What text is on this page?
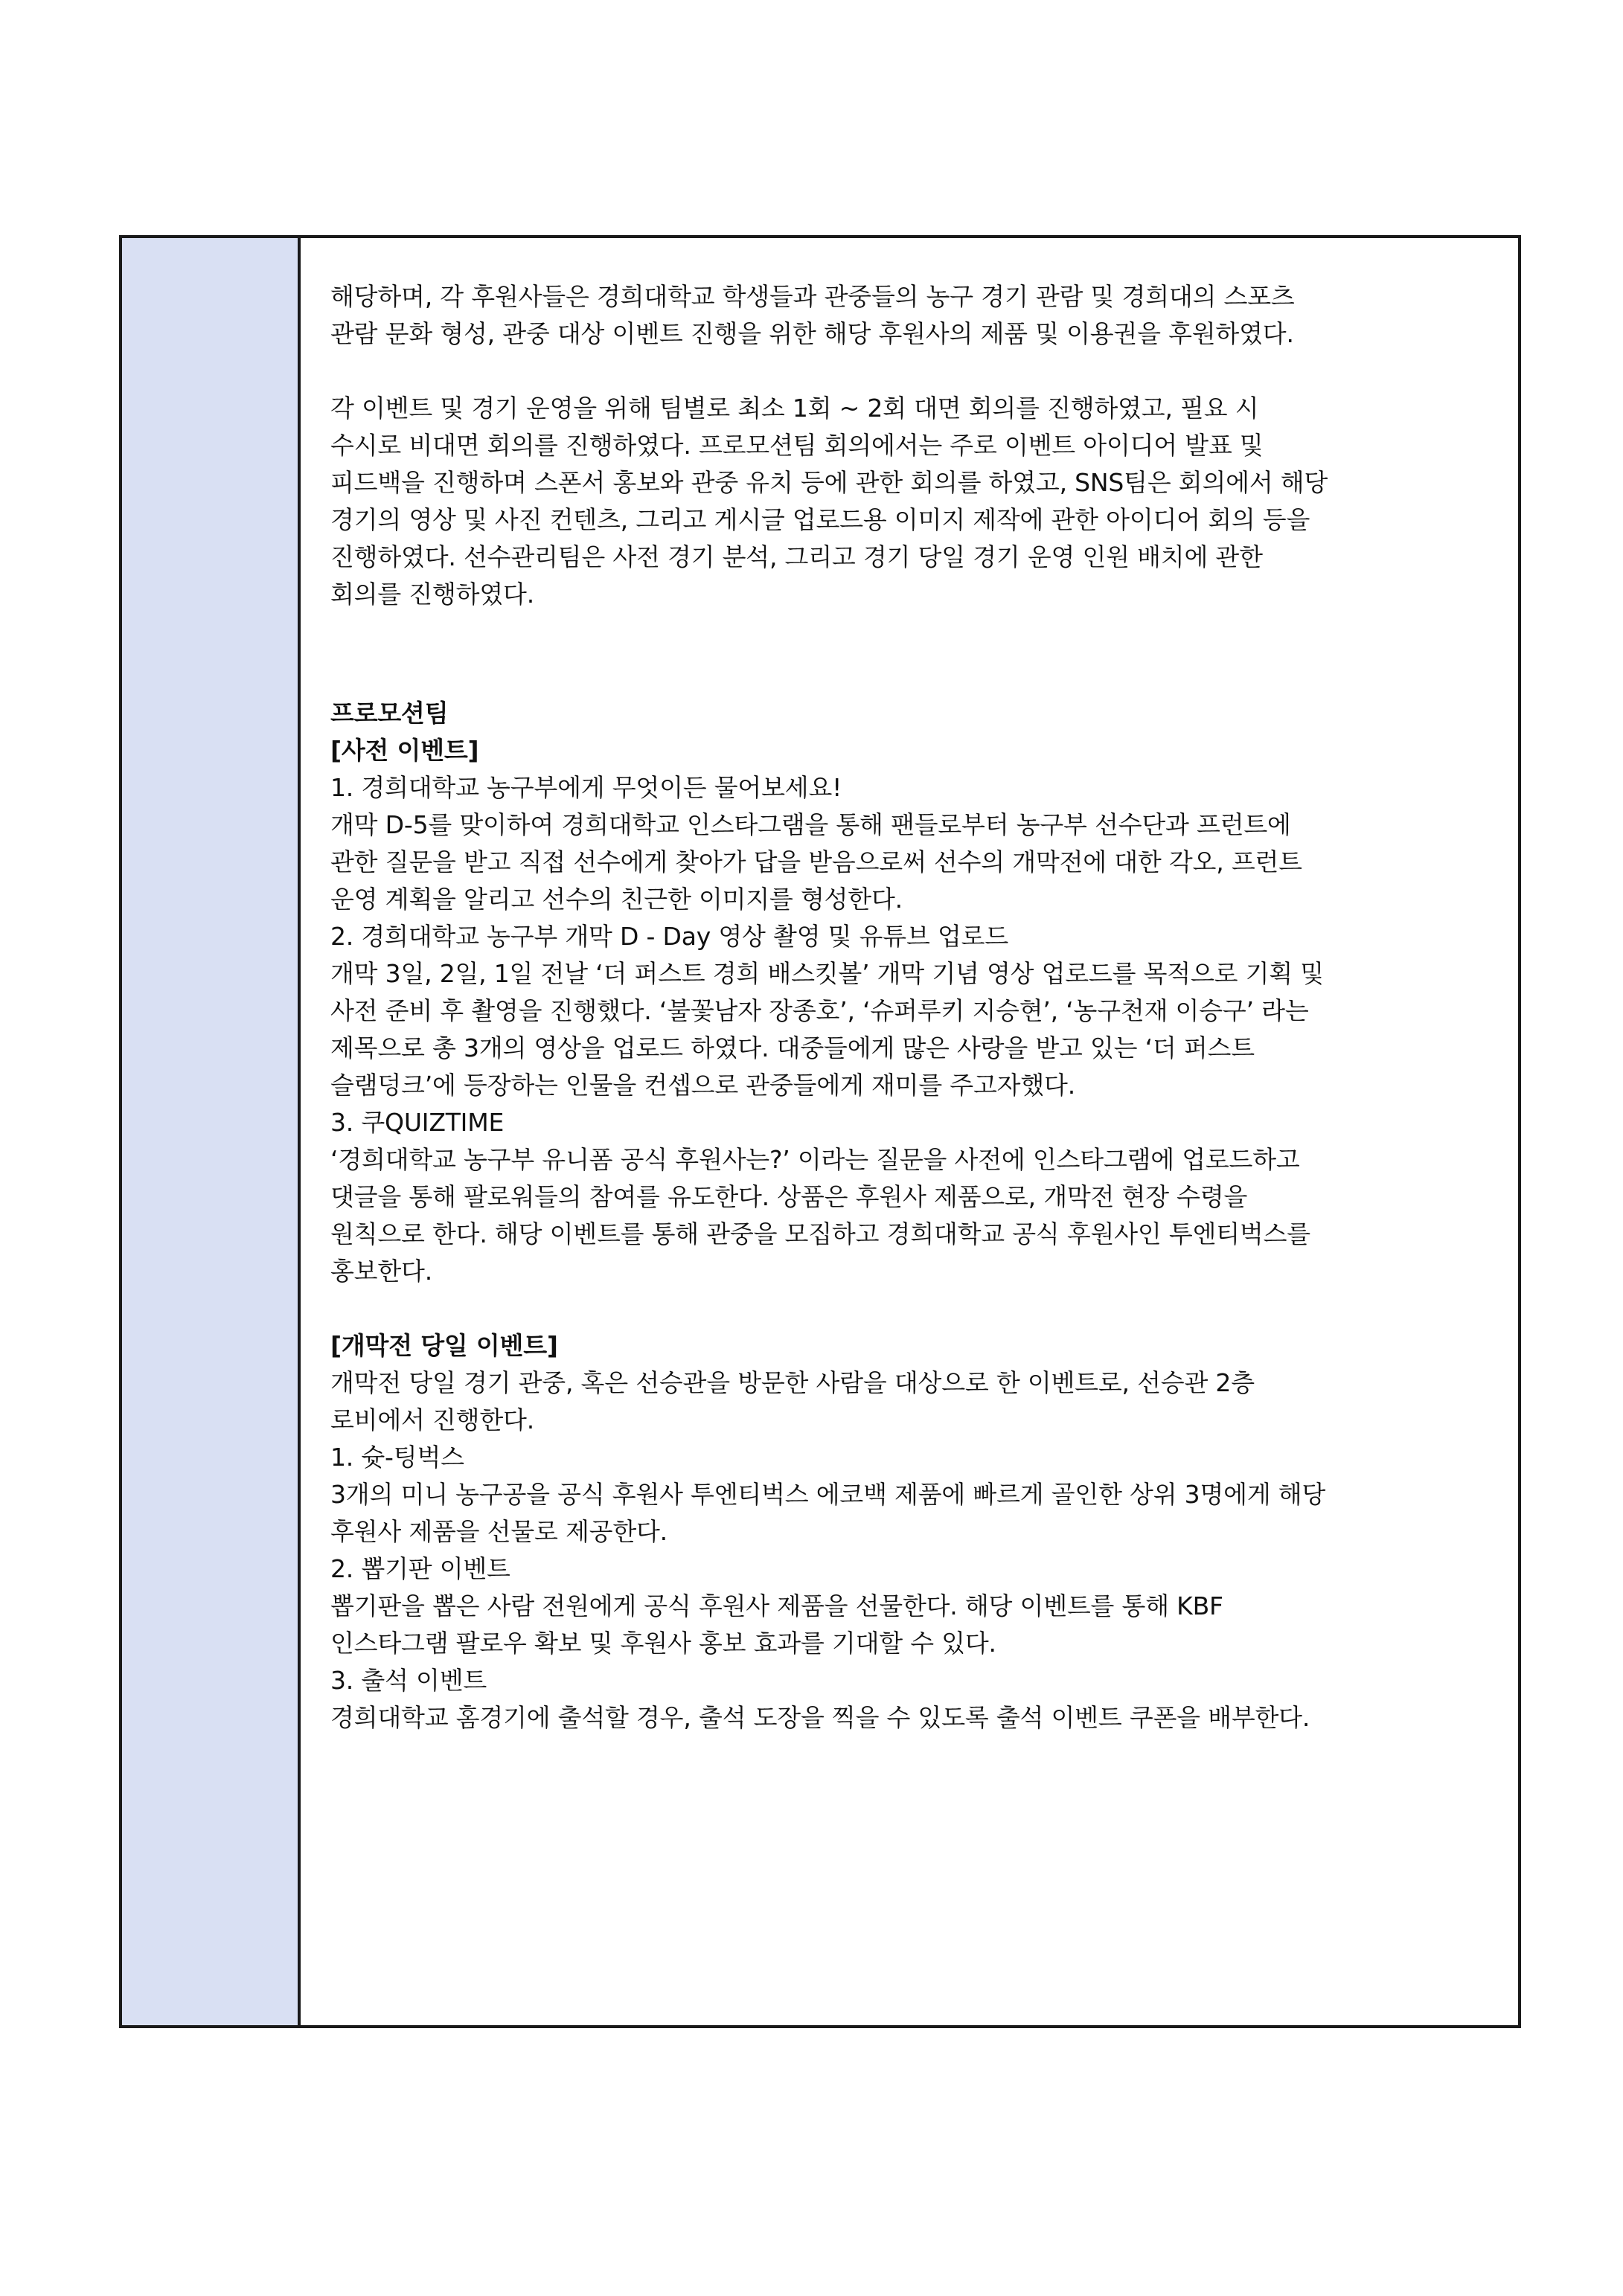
해당하며, 각 후원사들은 경희대학교 학생들과 관중들의 농구 경기 관람 및 경희대의 스포츠
관람 문화 형성, 관중 대상 이벤트 진행을 위한 해당 후원사의 제품 및 이용권을 후원하였다.
각 이벤트 및 경기 운영을 위해 팀별로 최소 1회 ~ 2회 대면 회의를 진행하였고, 필요 시
수시로 비대면 회의를 진행하였다. 프로모션팀 회의에서는 주로 이벤트 아이디어 발표 및
피드백을 진행하며 스폰서 홍보와 관중 유치 등에 관한 회의를 하였고, SNS팀은 회의에서 해당
경기의 영상 및 사진 컨텐츠, 그리고 게시글 업로드용 이미지 제작에 관한 아이디어 회의 등을
진행하였다. 선수관리팀은 사전 경기 분석, 그리고 경기 당일 경기 운영 인원 배치에 관한
회의를 진행하였다.
프로모션팀
[사전 이벤트]
1. 경희대학교 농구부에게 무엇이든 물어보세요!
개막 D-5를 맞이하여 경희대학교 인스타그램을 통해 팬들로부터 농구부 선수단과 프런트에
관한 질문을 받고 직접 선수에게 찾아가 답을 받음으로써 선수의 개막전에 대한 각오, 프런트
운영 계획을 알리고 선수의 친근한 이미지를 형성한다.
2. 경희대학교 농구부 개막 D - Day 영상 촬영 및 유튜브 업로드
개막 3일, 2일, 1일 전날 ‘더 퍼스트 경희 배스킷볼’ 개막 기념 영상 업로드를 목적으로 기획 및
사전 준비 후 촬영을 진행했다. ‘불꽃남자 장종호’, ‘슈퍼루키 지승현’, ‘농구천재 이승구’ 라는
제목으로 총 3개의 영상을 업로드 하였다. 대중들에게 많은 사랑을 받고 있는 ‘더 퍼스트
슬램덩크’에 등장하는 인물을 컨셉으로 관중들에게 재미를 주고자했다.
3. 쿠QUIZTIME
‘경희대학교 농구부 유니폼 공식 후원사는?’ 이라는 질문을 사전에 인스타그램에 업로드하고
댓글을 통해 팔로워들의 참여를 유도한다. 상품은 후원사 제품으로, 개막전 현장 수령을
원칙으로 한다. 해당 이벤트를 통해 관중을 모집하고 경희대학교 공식 후원사인 투엔티벅스를
홍보한다.
[개막전 당일 이벤트]
개막전 당일 경기 관중, 혹은 선승관을 방문한 사람을 대상으로 한 이벤트로, 선승관 2층
로비에서 진행한다.
1. 슛-팅벅스
3개의 미니 농구공을 공식 후원사 투엔티벅스 에코백 제품에 빠르게 골인한 상위 3명에게 해당
후원사 제품을 선물로 제공한다.
2. 뽑기판 이벤트
뽑기판을 뽑은 사람 전원에게 공식 후원사 제품을 선물한다. 해당 이벤트를 통해 KBF
인스타그램 팔로우 확보 및 후원사 홍보 효과를 기대할 수 있다.
3. 출석 이벤트
경희대학교 홈경기에 출석할 경우, 출석 도장을 찍을 수 있도록 출석 이벤트 쿠폰을 배부한다.
